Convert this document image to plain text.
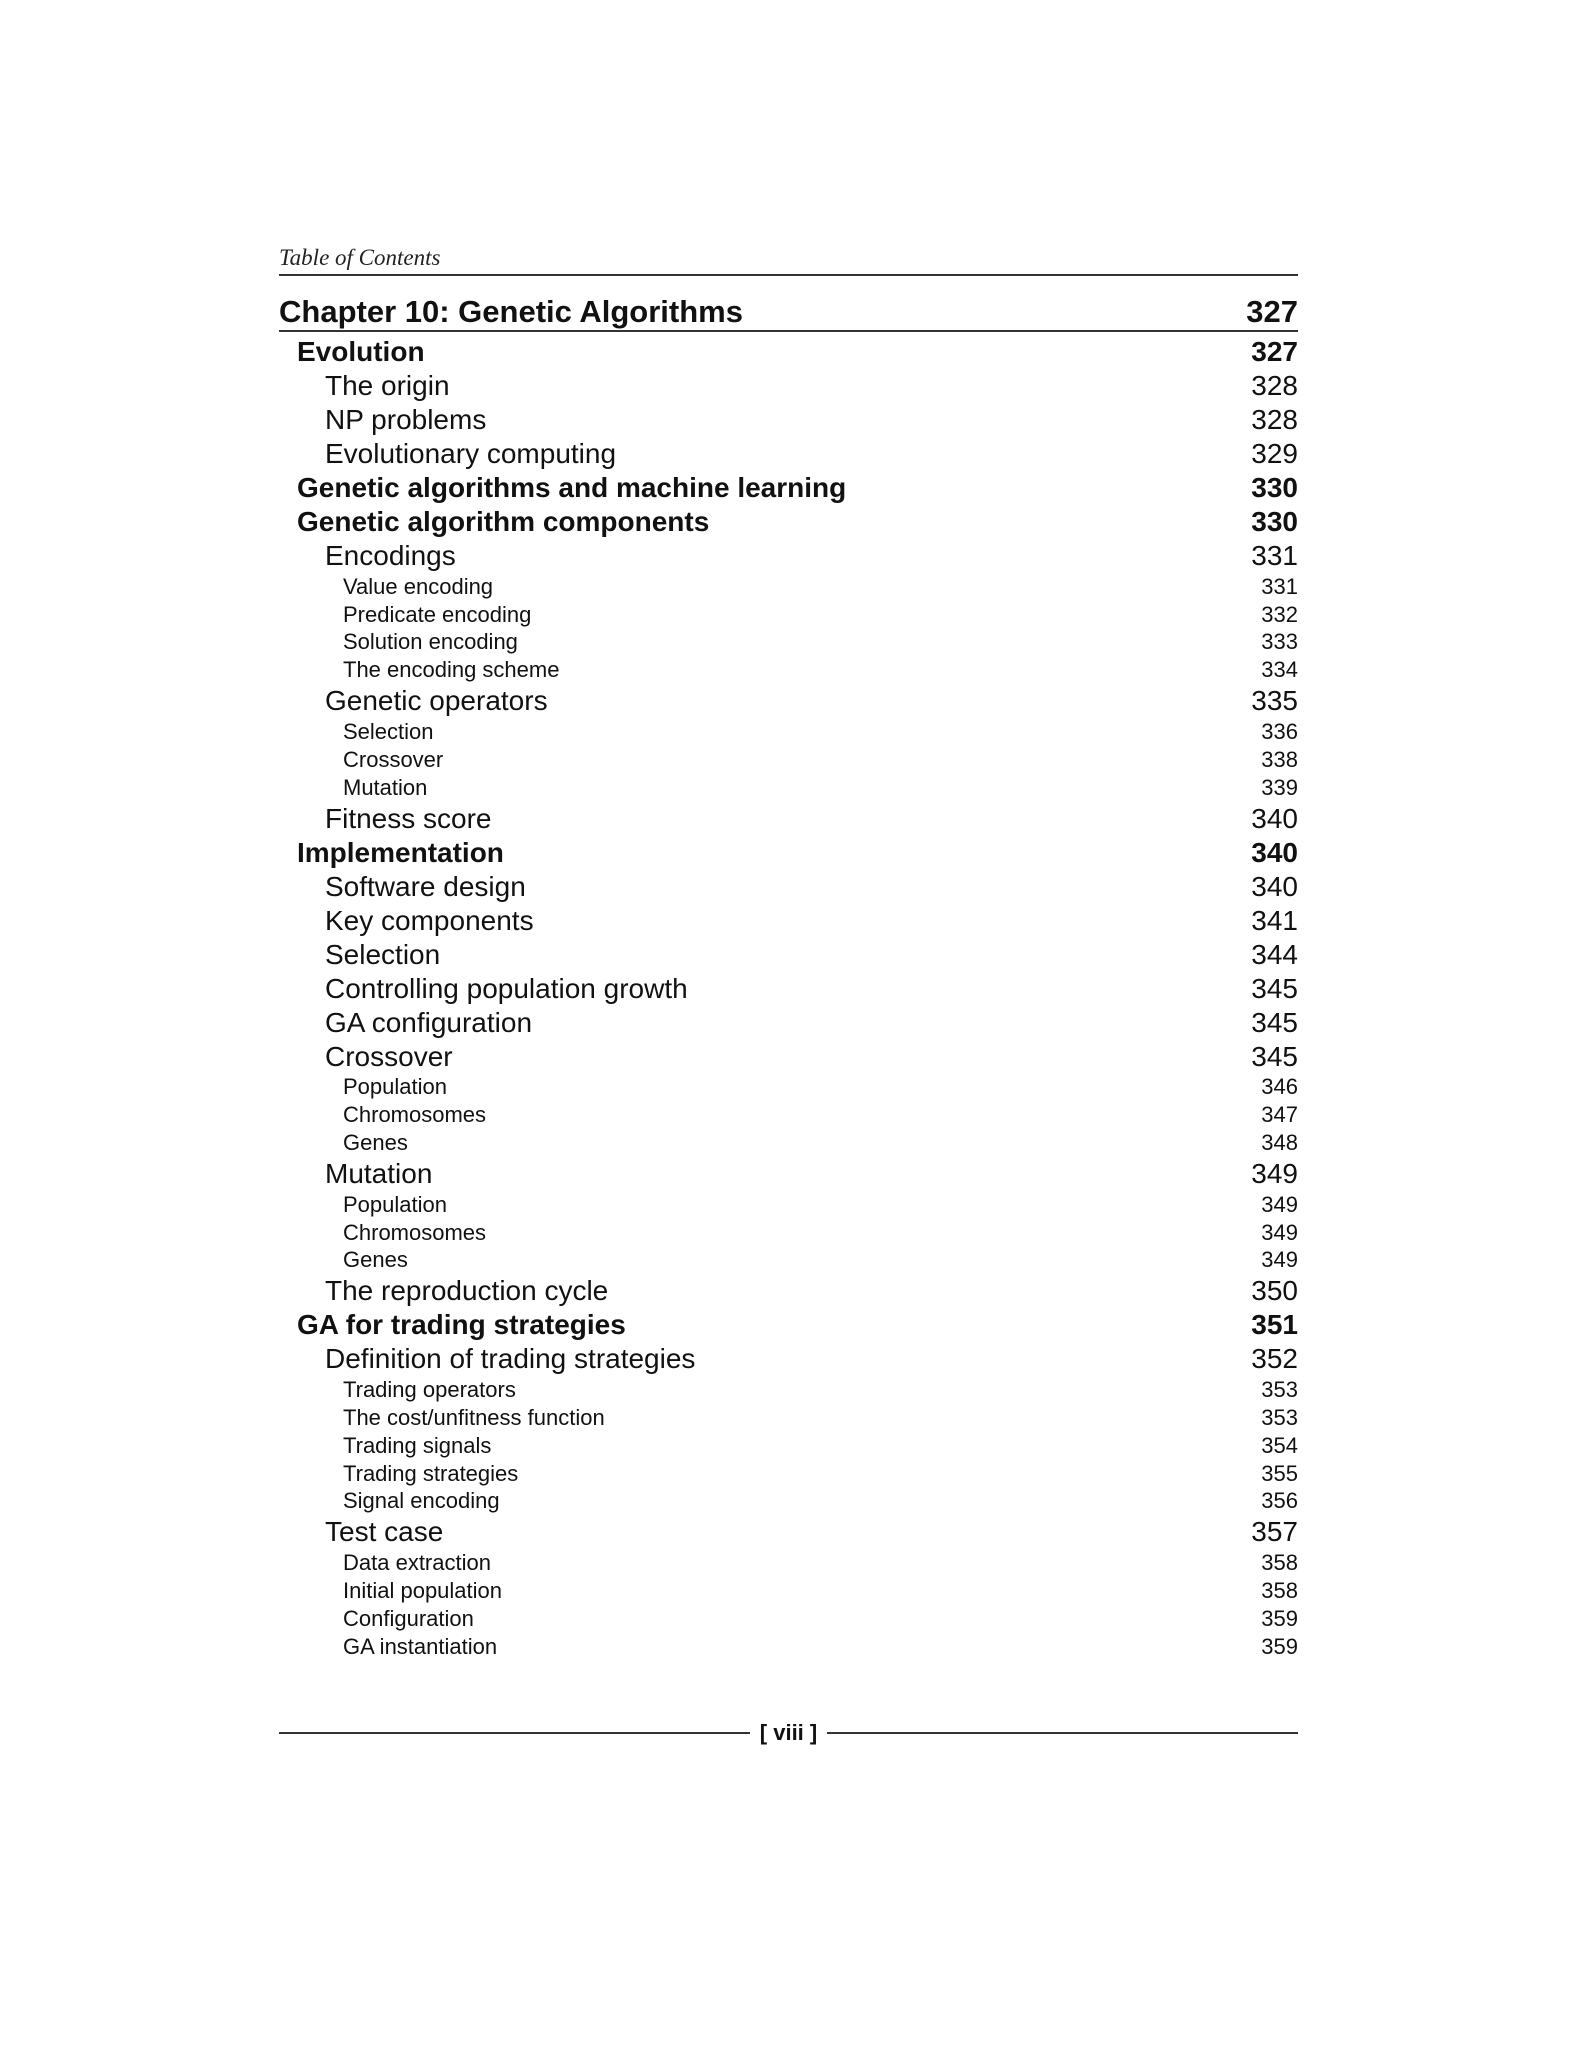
Table of Contents
Chapter 10: Genetic Algorithms	327
Evolution	327
The origin	328
NP problems	328
Evolutionary computing	329
Genetic algorithms and machine learning	330
Genetic algorithm components	330
Encodings	331
Value encoding	331
Predicate encoding	332
Solution encoding	333
The encoding scheme	334
Genetic operators	335
Selection	336
Crossover	338
Mutation	339
Fitness score	340
Implementation	340
Software design	340
Key components	341
Selection	344
Controlling population growth	345
GA configuration	345
Crossover	345
Population	346
Chromosomes	347
Genes	348
Mutation	349
Population	349
Chromosomes	349
Genes	349
The reproduction cycle	350
GA for trading strategies	351
Definition of trading strategies	352
Trading operators	353
The cost/unfitness function	353
Trading signals	354
Trading strategies	355
Signal encoding	356
Test case	357
Data extraction	358
Initial population	358
Configuration	359
GA instantiation	359
[ viii ]
